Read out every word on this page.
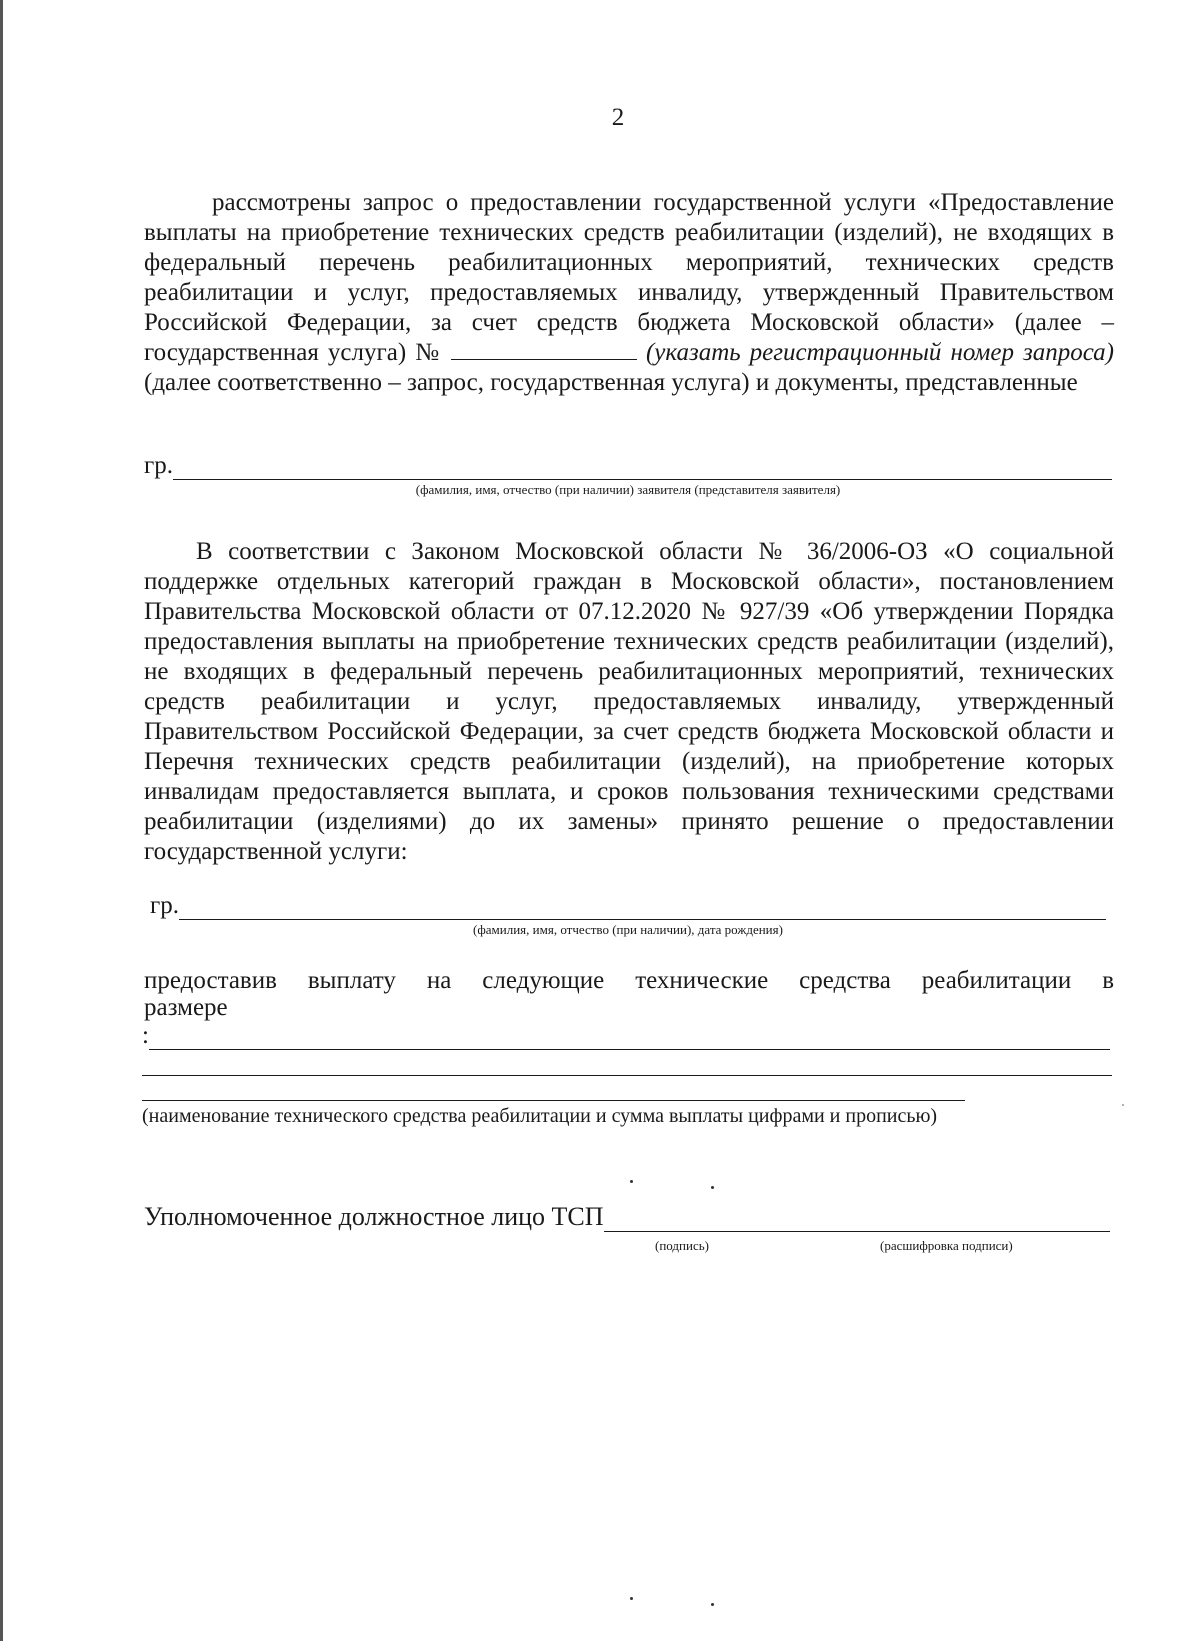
2

рассмотрены запрос о предоставлении государственной услуги «Предоставление выплаты на приобретение технических средств реабилитации (изделий), не входящих в федеральный перечень реабилитационных мероприятий, технических средств реабилитации и услуг, предоставляемых инвалиду, утвержденный Правительством Российской Федерации, за счет средств бюджета Московской области» (далее – государственная услуга) №	(указать регистрационный номер запроса) (далее соответственно – запрос, государственная услуга) и документы, представленные

гр.
(фамилия, имя, отчество (при наличии) заявителя (представителя заявителя)

В соответствии с Законом Московской области № 36/2006-ОЗ «О социальной поддержке отдельных категорий граждан в Московской области», постановлением Правительства Московской области от 07.12.2020 № 927/39 «Об утверждении Порядка предоставления выплаты на приобретение технических средств реабилитации (изделий), не входящих в федеральный перечень реабилитационных мероприятий, технических средств реабилитации и услуг, предоставляемых инвалиду, утвержденный Правительством Российской Федерации, за счет средств бюджета Московской области и Перечня технических средств реабилитации (изделий), на приобретение которых инвалидам предоставляется выплата, и сроков пользования техническими средствами реабилитации (изделиями) до их замены» принято решение о предоставлении государственной услуги:

гр.
(фамилия, имя, отчество (при наличии), дата рождения)
предоставив выплату на следующие технические средства реабилитации в
размере
:
(наименование технического средства реабилитации и сумма выплаты цифрами и прописью)
Уполномоченное должностное лицо ТСП
(подпись)	(расшифровка подписи)
